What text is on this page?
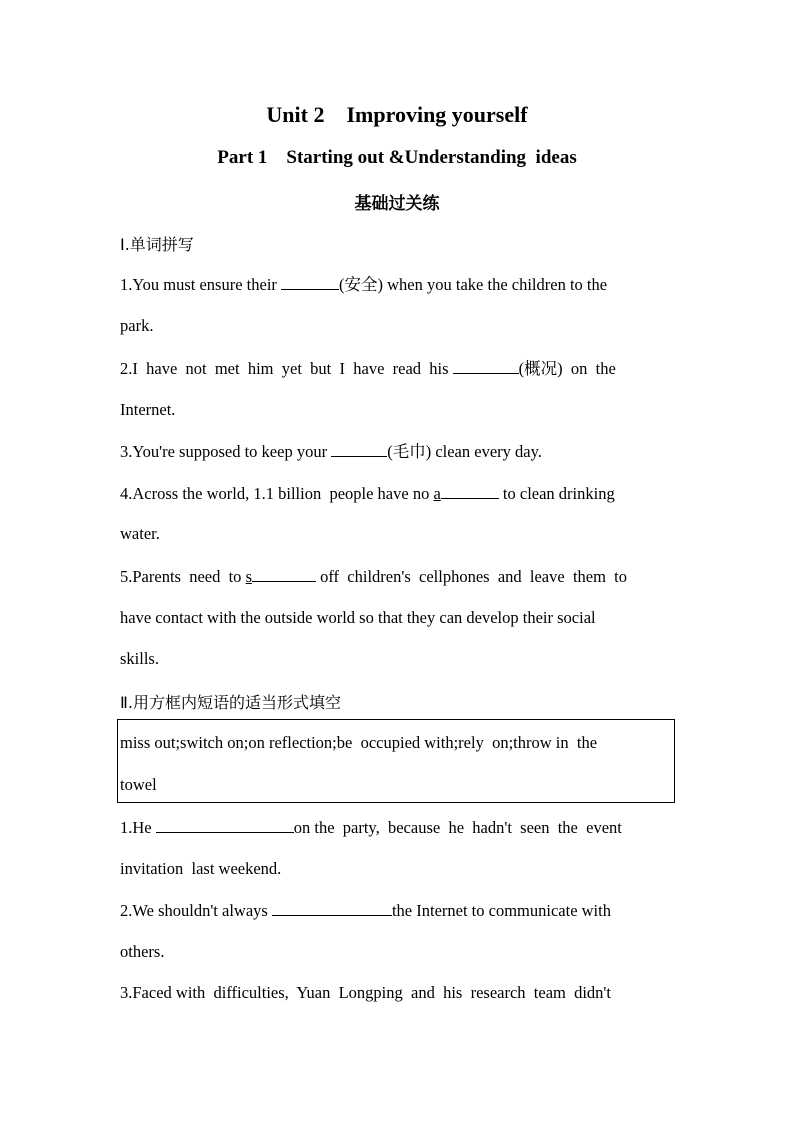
Unit 2    Improving yourself
Part 1    Starting out &Understanding  ideas
基础过关练
Ⅰ.单词拼写
1.You must ensure their	(安全) when you take the children to the
park.
2.I  have  not  met  him  yet  but  I  have  read  his	(概况)  on  the
Internet.
3.You're supposed to keep your	(毛巾) clean every day.
4.Across the world, 1.1 billion  people have no a	to clean drinking
water.
5.Parents  need  to s	off  children's  cellphones  and  leave  them  to
have contact with the outside world so that they can develop their social
skills.
Ⅱ.用方框内短语的适当形式填空
miss out;switch on;on reflection;be  occupied with;rely  on;throw in  the
towel
1.He	on the  party,  because  he  hadn't  seen  the  event
invitation  last weekend.
2.We shouldn't always	the Internet to communicate with
others.
3.Faced with  difficulties,  Yuan  Longping  and  his  research  team  didn't
